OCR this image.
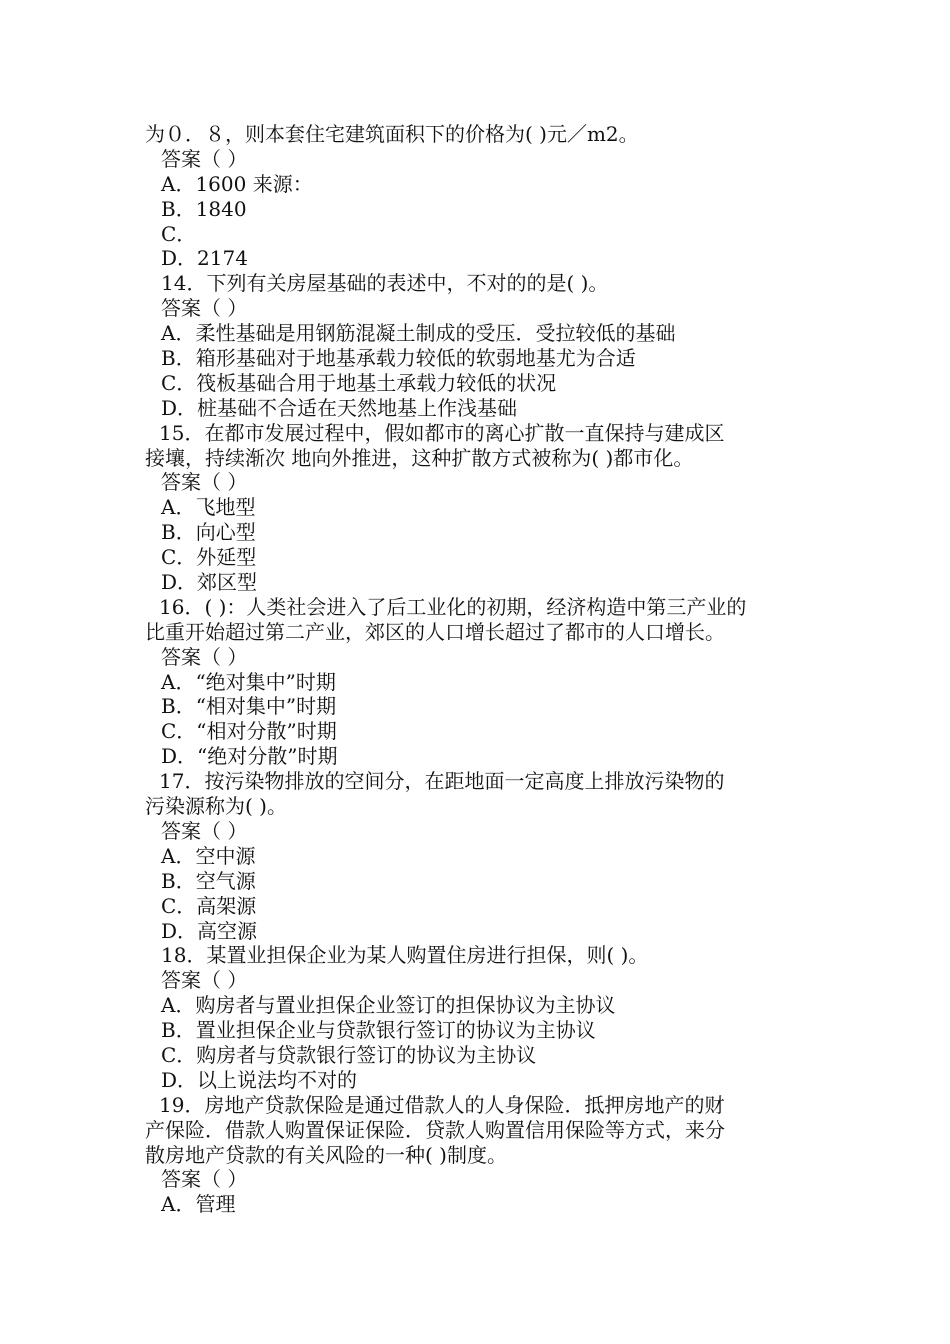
为０．８，则本套住宅建筑面积下的价格为( )元／m2。
答案（ ）
A．1600 来源：
B．1840
C．
D．2174
14．下列有关房屋基础的表述中，不对的的是( )。
答案（ ）
A．柔性基础是用钢筋混凝土制成的受压．受拉较低的基础
B．箱形基础对于地基承载力较低的软弱地基尤为合适
C．筏板基础合用于地基土承载力较低的状况
D．桩基础不合适在天然地基上作浅基础
15．在都市发展过程中，假如都市的离心扩散一直保持与建成区
接壤，持续渐次 地向外推进，这种扩散方式被称为( )都市化。
答案（ ）
A．飞地型
B．向心型
C．外延型
D．郊区型
16．( )：人类社会进入了后工业化的初期，经济构造中第三产业的
比重开始超过第二产业，郊区的人口增长超过了都市的人口增长。
答案（ ）
A．“绝对集中”时期
B．“相对集中”时期
C．“相对分散”时期
D．“绝对分散”时期
17．按污染物排放的空间分，在距地面一定高度上排放污染物的
污染源称为( )。
答案（ ）
A．空中源
B．空气源
C．高架源
D．高空源
18．某置业担保企业为某人购置住房进行担保，则( )。
答案（ ）
A．购房者与置业担保企业签订的担保协议为主协议
B．置业担保企业与贷款银行签订的协议为主协议
C．购房者与贷款银行签订的协议为主协议
D．以上说法均不对的
19．房地产贷款保险是通过借款人的人身保险．抵押房地产的财
产保险．借款人购置保证保险．贷款人购置信用保险等方式，来分
散房地产贷款的有关风险的一种( )制度。
答案（ ）
A．管理
